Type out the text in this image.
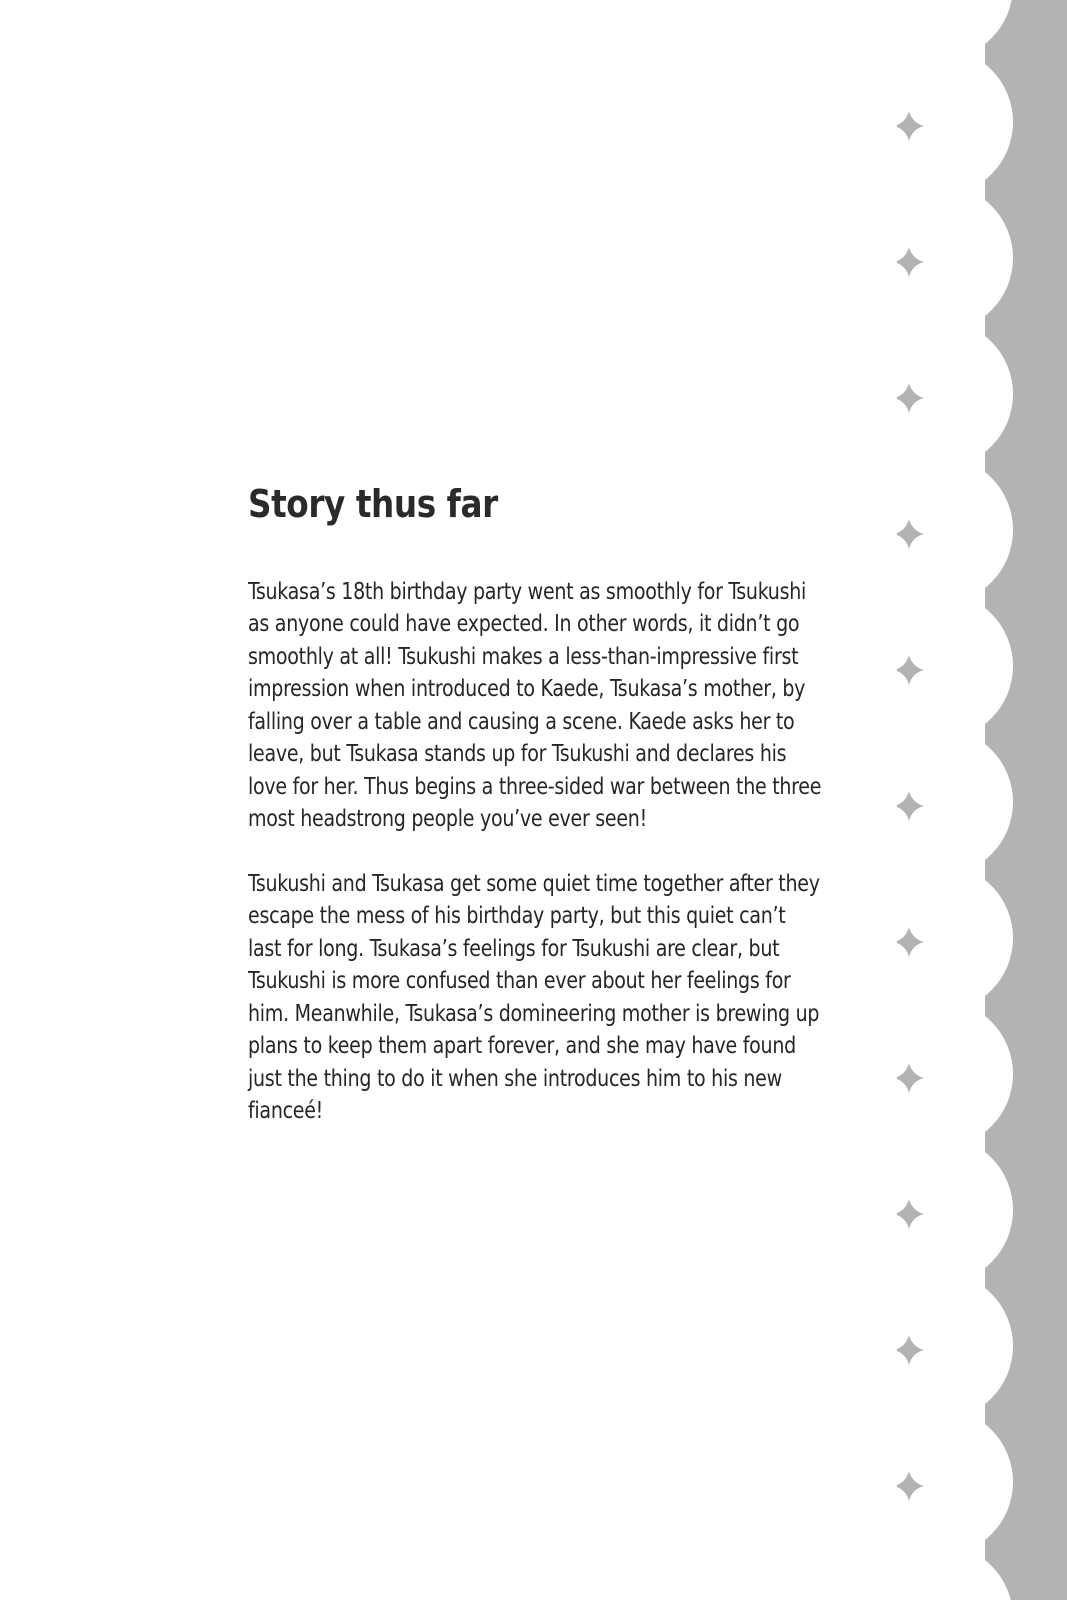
Story thus far

Tsukasa’s 18th birthday party went as smoothly for Tsukushi as anyone could have expected. In other words, it didn’t go smoothly at all! Tsukushi makes a less-than-impressive first impression when introduced to Kaede, Tsukasa’s mother, by falling over a table and causing a scene. Kaede asks her to leave, but Tsukasa stands up for Tsukushi and declares his love for her. Thus begins a three-sided war between the three most headstrong people you’ve ever seen!

Tsukushi and Tsukasa get some quiet time together after they escape the mess of his birthday party, but this quiet can’t last for long. Tsukasa’s feelings for Tsukushi are clear, but Tsukushi is more confused than ever about her feelings for him. Meanwhile, Tsukasa’s domineering mother is brewing up plans to keep them apart forever, and she may have found just the thing to do it when she introduces him to his new fianceé!
